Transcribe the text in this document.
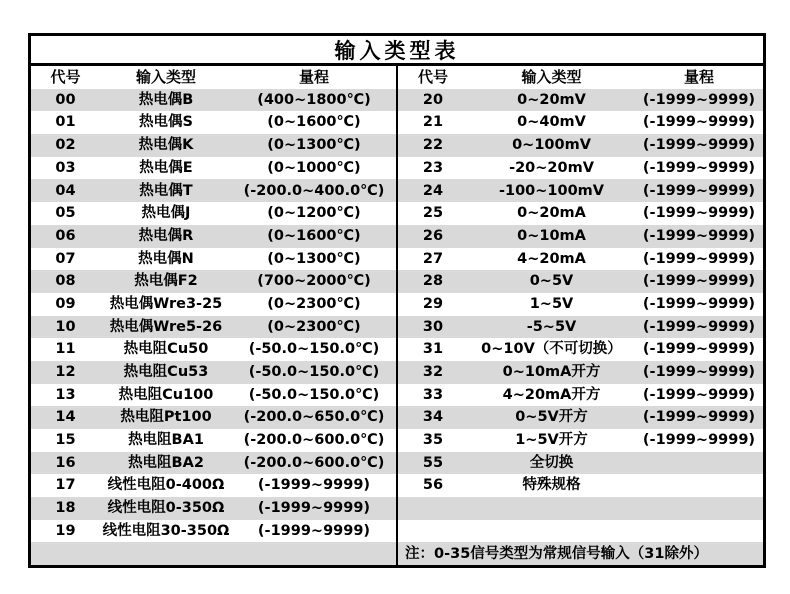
输入类型表
代号	输入类型	量程
00	热电偶B	(400~1800℃)
01	热电偶S	(0~1600℃)
02	热电偶K	(0~1300℃)
03	热电偶E	(0~1000℃)
04	热电偶T	(-200.0~400.0℃)
05	热电偶J	(0~1200℃)
06	热电偶R	(0~1600℃)
07	热电偶N	(0~1300℃)
08	热电偶F2	(700~2000℃)
09	热电偶Wre3-25	(0~2300℃)
10	热电偶Wre5-26	(0~2300℃)
11	热电阻Cu50	(-50.0~150.0℃)
12	热电阻Cu53	(-50.0~150.0℃)
13	热电阻Cu100	(-50.0~150.0℃)
14	热电阻Pt100	(-200.0~650.0℃)
15	热电阻BA1	(-200.0~600.0℃)
16	热电阻BA2	(-200.0~600.0℃)
17	线性电阻0-400Ω	(-1999~9999)
18	线性电阻0-350Ω	(-1999~9999)
19	线性电阻30-350Ω	(-1999~9999)
代号	输入类型	量程
20	0~20mV	(-1999~9999)
21	0~40mV	(-1999~9999)
22	0~100mV	(-1999~9999)
23	-20~20mV	(-1999~9999)
24	-100~100mV	(-1999~9999)
25	0~20mA	(-1999~9999)
26	0~10mA	(-1999~9999)
27	4~20mA	(-1999~9999)
28	0~5V	(-1999~9999)
29	1~5V	(-1999~9999)
30	-5~5V	(-1999~9999)
31	0~10V（不可切换）	(-1999~9999)
32	0~10mA开方	(-1999~9999)
33	4~20mA开方	(-1999~9999)
34	0~5V开方	(-1999~9999)
35	1~5V开方	(-1999~9999)
55	全切换
56	特殊规格
注：0-35信号类型为常规信号输入（31除外）
